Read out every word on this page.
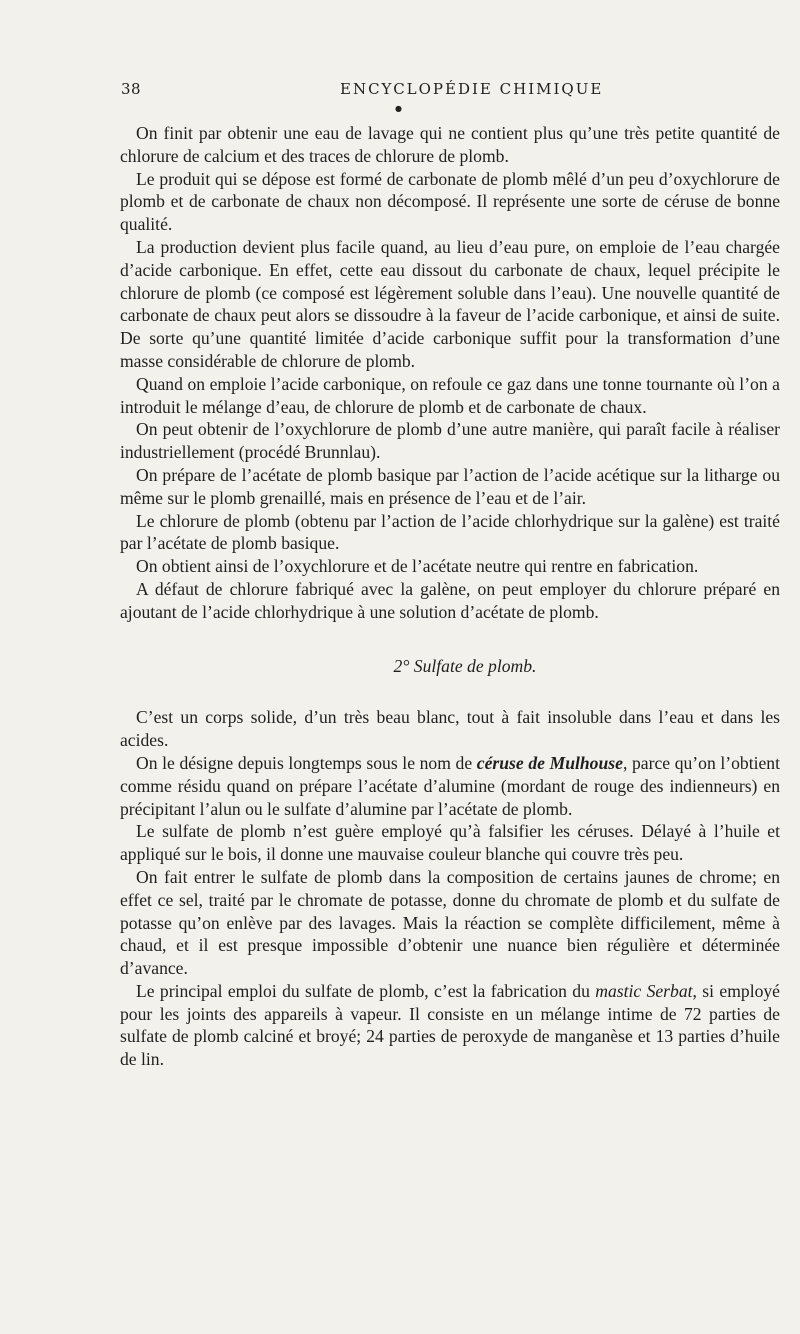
38	ENCYCLOPÉDIE CHIMIQUE
●

On finit par obtenir une eau de lavage qui ne contient plus qu’une très petite quantité de chlorure de calcium et des traces de chlorure de plomb.

Le produit qui se dépose est formé de carbonate de plomb mêlé d’un peu d’oxychlorure de plomb et de carbonate de chaux non décomposé. Il représente une sorte de céruse de bonne qualité.

La production devient plus facile quand, au lieu d’eau pure, on emploie de l’eau chargée d’acide carbonique. En effet, cette eau dissout du carbonate de chaux, lequel précipite le chlorure de plomb (ce composé est légèrement soluble dans l’eau). Une nouvelle quantité de carbonate de chaux peut alors se dissoudre à la faveur de l’acide carbonique, et ainsi de suite. De sorte qu’une quantité limitée d’acide carbonique suffit pour la transformation d’une masse considérable de chlorure de plomb.

Quand on emploie l’acide carbonique, on refoule ce gaz dans une tonne tournante où l’on a introduit le mélange d’eau, de chlorure de plomb et de carbonate de chaux.

On peut obtenir de l’oxychlorure de plomb d’une autre manière, qui paraît facile à réaliser industriellement (procédé Brunnlau).

On prépare de l’acétate de plomb basique par l’action de l’acide acétique sur la litharge ou même sur le plomb grenaillé, mais en présence de l’eau et de l’air.

Le chlorure de plomb (obtenu par l’action de l’acide chlorhydrique sur la galène) est traité par l’acétate de plomb basique.

On obtient ainsi de l’oxychlorure et de l’acétate neutre qui rentre en fabrication.

A défaut de chlorure fabriqué avec la galène, on peut employer du chlorure préparé en ajoutant de l’acide chlorhydrique à une solution d’acétate de plomb.

2° Sulfate de plomb.

C’est un corps solide, d’un très beau blanc, tout à fait insoluble dans l’eau et dans les acides.

On le désigne depuis longtemps sous le nom de céruse de Mulhouse, parce qu’on l’obtient comme résidu quand on prépare l’acétate d’alumine (mordant de rouge des indienneurs) en précipitant l’alun ou le sulfate d’alumine par l’acétate de plomb.

Le sulfate de plomb n’est guère employé qu’à falsifier les céruses. Délayé à l’huile et appliqué sur le bois, il donne une mauvaise couleur blanche qui couvre très peu.

On fait entrer le sulfate de plomb dans la composition de certains jaunes de chrome; en effet ce sel, traité par le chromate de potasse, donne du chromate de plomb et du sulfate de potasse qu’on enlève par des lavages. Mais la réaction se complète difficilement, même à chaud, et il est presque impossible d’obtenir une nuance bien régulière et déterminée d’avance.

Le principal emploi du sulfate de plomb, c’est la fabrication du mastic Serbat, si employé pour les joints des appareils à vapeur. Il consiste en un mélange intime de 72 parties de sulfate de plomb calciné et broyé; 24 parties de peroxyde de manganèse et 13 parties d’huile de lin.
